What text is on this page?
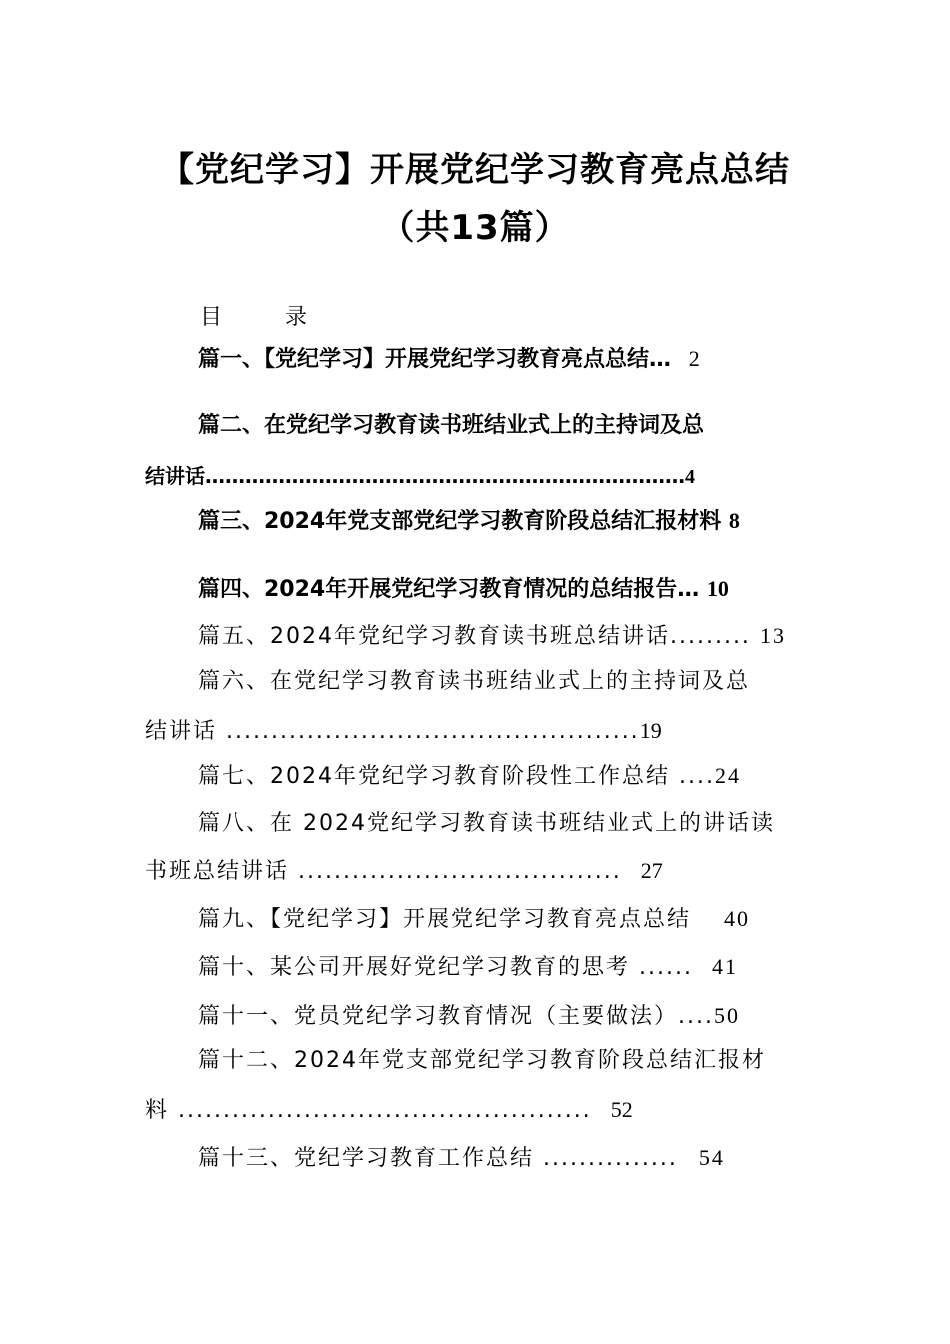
【党纪学习】开展党纪学习教育亮点总结
（共13篇）
目 录
篇一、【党纪学习】开展党纪学习教育亮点总结… 2
篇二、在党纪学习教育读书班结业式上的主持词及总
结讲话………………………………………………………………4
篇三、2024年党支部党纪学习教育阶段总结汇报材料 8
篇四、2024年开展党纪学习教育情况的总结报告… 10
篇五、2024年党纪学习教育读书班总结讲话......... 13
篇六、在党纪学习教育读书班结业式上的主持词及总
结讲话 ..............................................19
篇七、2024年党纪学习教育阶段性工作总结 ....24
篇八、在 2024党纪学习教育读书班结业式上的讲话读
书班总结讲话 .................................... 27
篇九、【党纪学习】开展党纪学习教育亮点总结 40
篇十、某公司开展好党纪学习教育的思考 ...... 41
篇十一、党员党纪学习教育情况（主要做法）....50
篇十二、2024年党支部党纪学习教育阶段总结汇报材
料 .............................................. 52
篇十三、党纪学习教育工作总结 ............... 54
